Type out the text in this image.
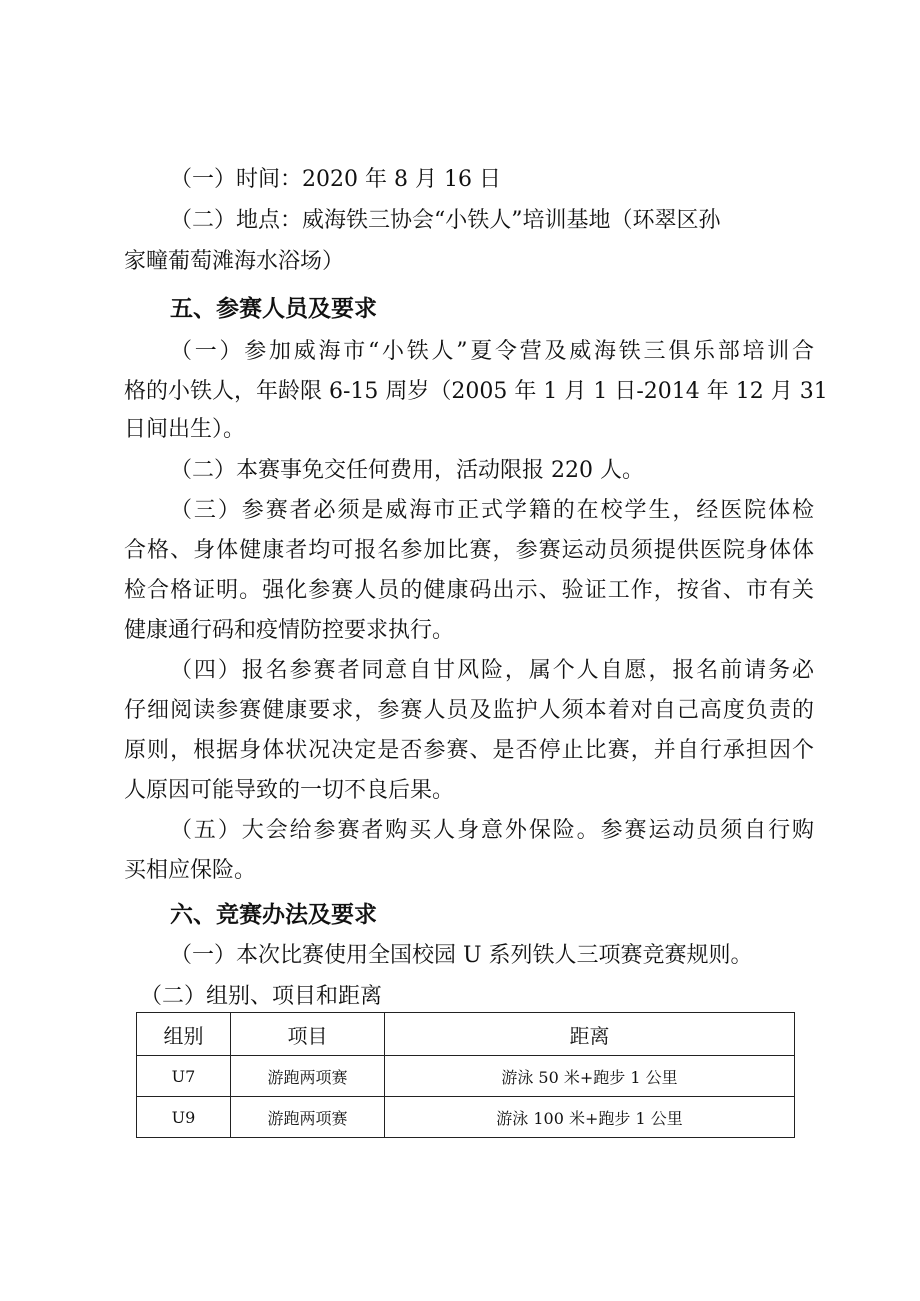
（一）时间：2020 年 8 月 16 日
（二）地点：威海铁三协会“小铁人”培训基地（环翠区孙
家疃葡萄滩海水浴场）
五、参赛人员及要求
（一）参加威海市“小铁人”夏令营及威海铁三俱乐部培训合
格的小铁人，年龄限 6-15 周岁（2005 年 1 月 1 日-2014 年 12 月 31
日间出生）。
（二）本赛事免交任何费用，活动限报 220 人。
（三）参赛者必须是威海市正式学籍的在校学生，经医院体检
合格、身体健康者均可报名参加比赛，参赛运动员须提供医院身体体
检合格证明。强化参赛人员的健康码出示、验证工作，按省、市有关
健康通行码和疫情防控要求执行。
（四）报名参赛者同意自甘风险，属个人自愿，报名前请务必
仔细阅读参赛健康要求，参赛人员及监护人须本着对自己高度负责的
原则，根据身体状况决定是否参赛、是否停止比赛，并自行承担因个
人原因可能导致的一切不良后果。
（五）大会给参赛者购买人身意外保险。参赛运动员须自行购
买相应保险。
六、竞赛办法及要求
（一）本次比赛使用全国校园 U 系列铁人三项赛竞赛规则。
（二）组别、项目和距离
组别	项目	距离
U7	游跑两项赛	游泳 50 米+跑步 1 公里
U9	游跑两项赛	游泳 100 米+跑步 1 公里
